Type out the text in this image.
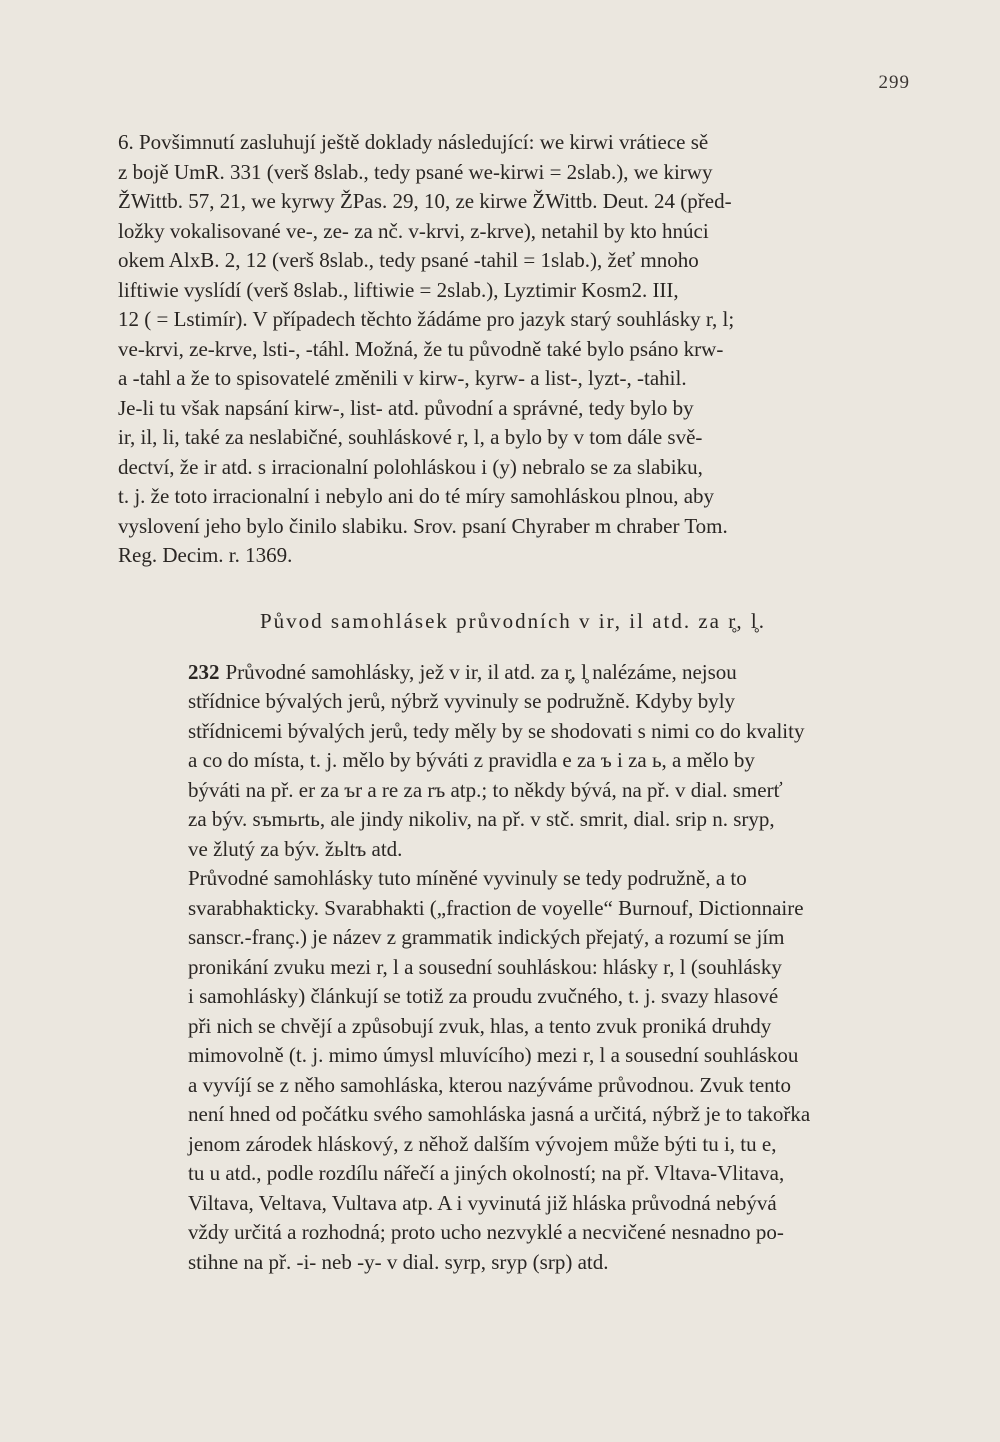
299

6. Povšimnutí zasluhují ještě doklady následující: we kirwi vrátiece sě
z bojě UmR. 331 (verš 8slab., tedy psané we-kirwi = 2slab.), we kirwy
ŽWittb. 57, 21, we kyrwy ŽPas. 29, 10, ze kirwe ŽWittb. Deut. 24 (před-
ložky vokalisované ve-, ze- za nč. v-krvi, z-krve), netahil by kto hnúci
okem AlxB. 2, 12 (verš 8slab., tedy psané -tahil = 1slab.), žeť mnoho
liftiwie vyslídí (verš 8slab., liftiwie = 2slab.), Lyztimir Kosm2. III,
12 ( = Lstimír). V případech těchto žádáme pro jazyk starý souhlásky r, l;
ve-krvi, ze-krve, lsti-, -táhl. Možná, že tu původně také bylo psáno krw-
a -tahl a že to spisovatelé změnili v kirw-, kyrw- a list-, lyzt-, -tahil.
Je-li tu však napsání kirw-, list- atd. původní a správné, tedy bylo by
ir, il, li, také za neslabičné, souhláskové r, l, a bylo by v tom dále svě-
dectví, že ir atd. s irracionalní polohláskou i (y) nebralo se za slabiku,
t. j. že toto irracionalní i nebylo ani do té míry samohláskou plnou, aby
vyslovení jeho bylo činilo slabiku. Srov. psaní Chyraber m chraber Tom.
Reg. Decim. r. 1369.

Původ samohlásek průvodních v ir, il atd. za r̥, l̥.

232 Průvodné samohlásky, jež v ir, il atd. za r̥, l̥ nalézáme, nejsou
střídnice bývalých jerů, nýbrž vyvinuly se podružně. Kdyby byly
střídnicemi bývalých jerů, tedy měly by se shodovati s nimi co do kvality
a co do místa, t. j. mělo by býváti z pravidla e za ъ i za ь, a mělo by
býváti na př. er za ъr a re za rъ atp.; to někdy bývá, na př. v dial. smerť
za býv. sъmьrtь, ale jindy nikoliv, na př. v stč. smrit, dial. srip n. sryp,
ve žlutý za býv. žьltъ atd.

Průvodné samohlásky tuto míněné vyvinuly se tedy podružně, a to
svarabhakticky. Svarabhakti („fraction de voyelle“ Burnouf, Dictionnaire
sanscr.-franç.) je název z grammatik indických přejatý, a rozumí se jím
pronikání zvuku mezi r, l a sousední souhláskou: hlásky r, l (souhlásky
i samohlásky) článkují se totiž za proudu zvučného, t. j. svazy hlasové
při nich se chvějí a způsobují zvuk, hlas, a tento zvuk proniká druhdy
mimovolně (t. j. mimo úmysl mluvícího) mezi r, l a sousední souhláskou
a vyvíjí se z něho samohláska, kterou nazýváme průvodnou. Zvuk tento
není hned od počátku svého samohláska jasná a určitá, nýbrž je to takořka
jenom zárodek hláskový, z něhož dalším vývojem může býti tu i, tu e,
tu u atd., podle rozdílu nářečí a jiných okolností; na př. Vltava-Vlitava,
Viltava, Veltava, Vultava atp. A i vyvinutá již hláska průvodná nebývá
vždy určitá a rozhodná; proto ucho nezvyklé a necvičené nesnadno po-
stihne na př. -i- neb -y- v dial. syrp, sryp (srp) atd.
